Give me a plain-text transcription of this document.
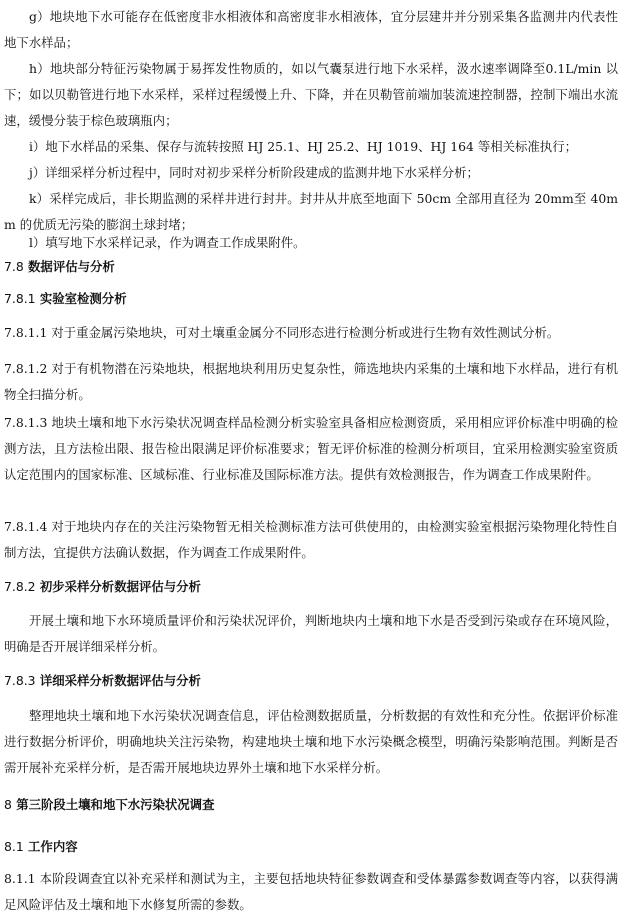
g）地块地下水可能存在低密度非水相液体和高密度非水相液体，宜分层建井并分别采集各监测井内代表性地下水样品；
h）地块部分特征污染物属于易挥发性物质的，如以气囊泵进行地下水采样，汲水速率调降至0.1L/min 以下；如以贝勒管进行地下水采样，采样过程缓慢上升、下降，并在贝勒管前端加装流速控制器，控制下端出水流速，缓慢分装于棕色玻璃瓶内；
i）地下水样品的采集、保存与流转按照 HJ 25.1、HJ 25.2、HJ 1019、HJ 164 等相关标准执行；
j）详细采样分析过程中，同时对初步采样分析阶段建成的监测井地下水采样分析；
k）采样完成后，非长期监测的采样井进行封井。封井从井底至地面下 50cm 全部用直径为 20mm至 40mm 的优质无污染的膨润土球封堵；
l）填写地下水采样记录，作为调查工作成果附件。
7.8 数据评估与分析
7.8.1 实验室检测分析
7.8.1.1 对于重金属污染地块，可对土壤重金属分不同形态进行检测分析或进行生物有效性测试分析。
7.8.1.2 对于有机物潜在污染地块，根据地块利用历史复杂性，筛选地块内采集的土壤和地下水样品，进行有机物全扫描分析。
7.8.1.3 地块土壤和地下水污染状况调查样品检测分析实验室具备相应检测资质，采用相应评价标准中明确的检测方法，且方法检出限、报告检出限满足评价标准要求；暂无评价标准的检测分析项目，宜采用检测实验室资质认定范围内的国家标准、区域标准、行业标准及国际标准方法。提供有效检测报告，作为调查工作成果附件。
7.8.1.4 对于地块内存在的关注污染物暂无相关检测标准方法可供使用的，由检测实验室根据污染物理化特性自制方法，宜提供方法确认数据，作为调查工作成果附件。
7.8.2 初步采样分析数据评估与分析
开展土壤和地下水环境质量评价和污染状况评价，判断地块内土壤和地下水是否受到污染或存在环境风险，明确是否开展详细采样分析。
7.8.3 详细采样分析数据评估与分析
整理地块土壤和地下水污染状况调查信息，评估检测数据质量，分析数据的有效性和充分性。依据评价标准进行数据分析评价，明确地块关注污染物，构建地块土壤和地下水污染概念模型，明确污染影响范围。判断是否需开展补充采样分析，是否需开展地块边界外土壤和地下水采样分析。
8 第三阶段土壤和地下水污染状况调查
8.1 工作内容
8.1.1 本阶段调查宜以补充采样和测试为主，主要包括地块特征参数调查和受体暴露参数调查等内容，以获得满足风险评估及土壤和地下水修复所需的参数。
